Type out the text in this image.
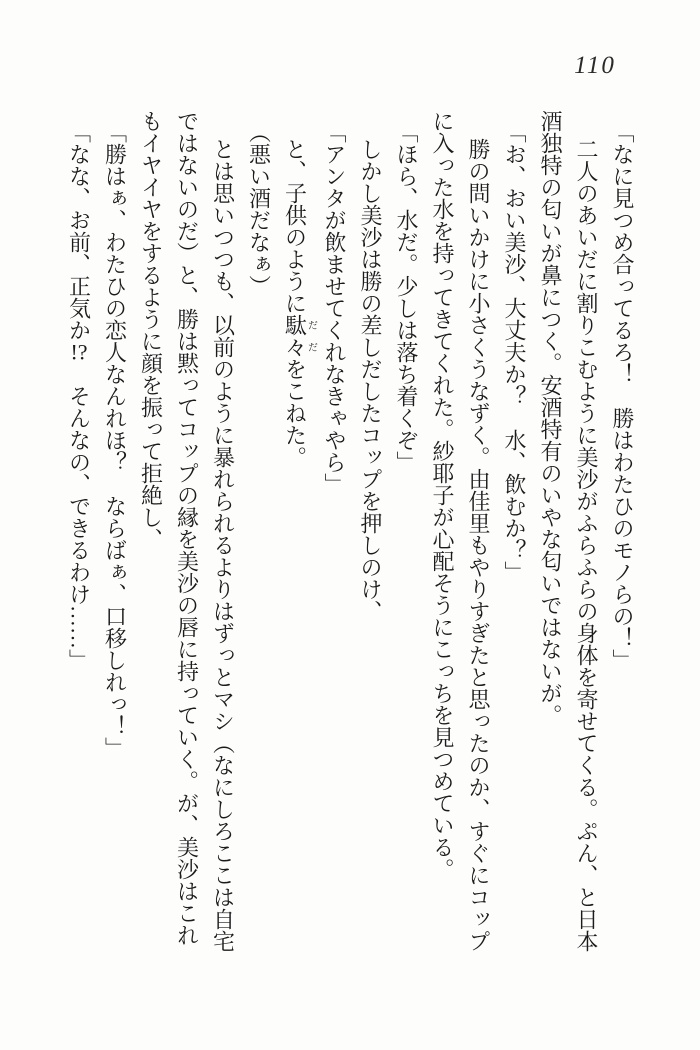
110

「なに見つめ合ってるろ！　勝はわたひのモノらの！」

二人のあいだに割りこむように美沙がふらふらの身体を寄せてくる。ぷん、と日本

酒独特の匂いが鼻につく。安酒特有のいやな匂いではないが。

「お、おい美沙、大丈夫か？　水、飲むか？」

勝の問いかけに小さくうなずく。由佳里もやりすぎたと思ったのか、すぐにコップ

に入った水を持ってきてくれた。紗耶子が心配そうにこっちを見つめている。

「ほら、水だ。少しは落ち着くぞ」

しかし美沙は勝の差しだしたコップを押しのけ、

「アンタが飲ませてくれなきゃやら」

と、子供のように駄々だだをこねた。

（悪い酒だなぁ）

とは思いつつも、以前のように暴れられるよりはずっとマシ（なにしろここは自宅

ではないのだ）と、勝は黙ってコップの縁を美沙の唇に持っていく。が、美沙はこれ

もイヤイヤをするように顔を振って拒絶し、

「勝はぁ、わたひの恋人なんれほ？　ならばぁ、口移しれっ！」

「なな、お前、正気か!?　そんなの、できるわけ……」
